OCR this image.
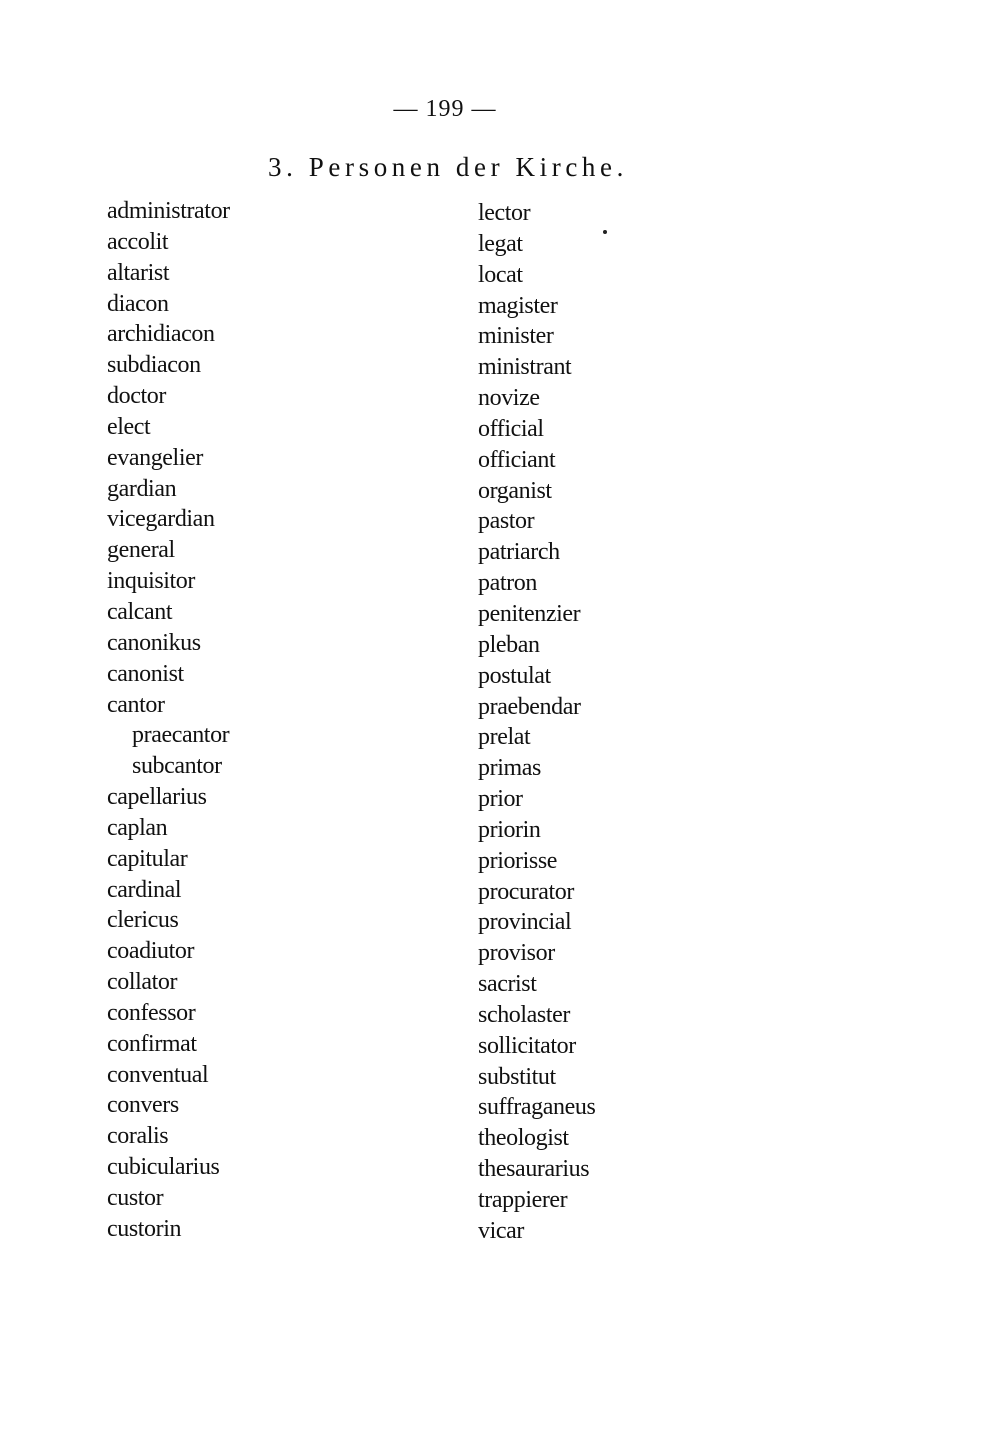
— 199 —
3. Personen der Kirche.
administrator
accolit
altarist
diacon
archidiacon
subdiacon
doctor
elect
evangelier
gardian
vicegardian
general
inquisitor
calcant
canonikus
canonist
cantor
praecantor
subcantor
capellarius
caplan
capitular
cardinal
clericus
coadiutor
collator
confessor
confirmat
conventual
convers
coralis
cubicularius
custor
custorin
lector
legat
locat
magister
minister
ministrant
novize
official
officiant
organist
pastor
patriarch
patron
penitenzier
pleban
postulat
praebendar
prelat
primas
prior
priorin
priorisse
procurator
provincial
provisor
sacrist
scholaster
sollicitator
substitut
suffraganeus
theologist
thesaurarius
trappierer
vicar
